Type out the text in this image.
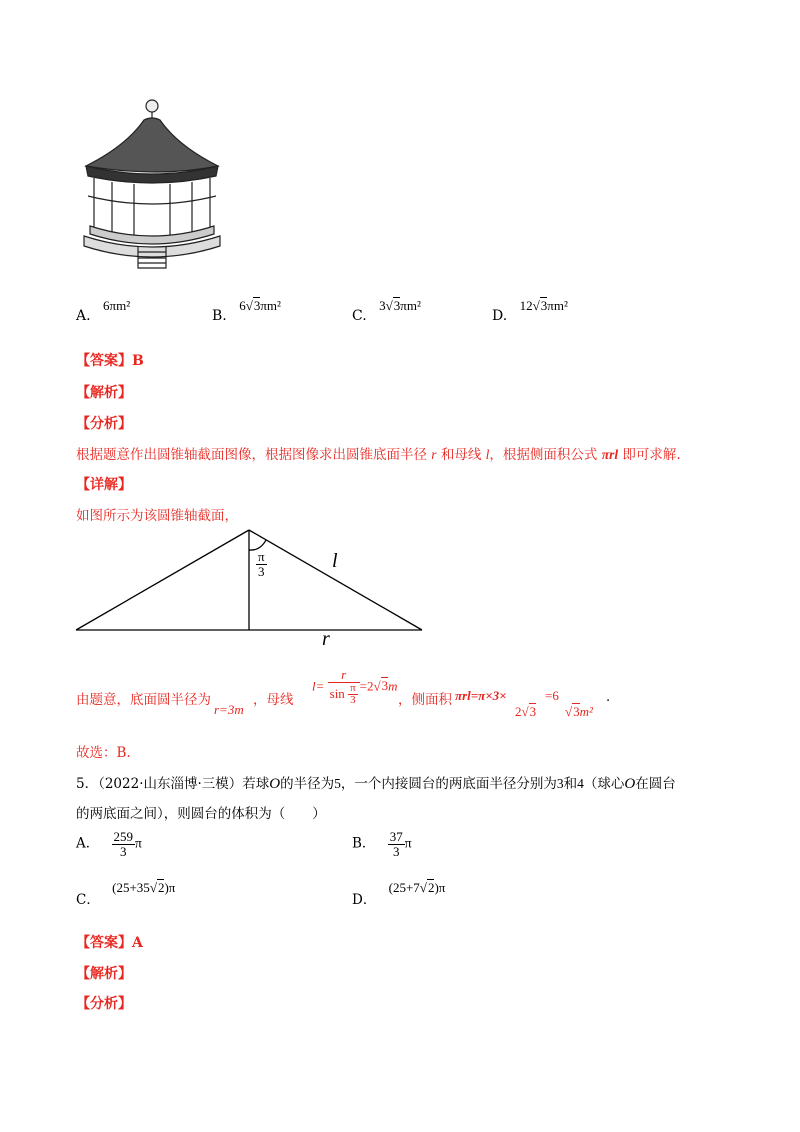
A. 6πm²
B. 6√3πm²
C. 3√3πm²
D. 12√3πm²
【答案】B
【解析】
【分析】
根据题意作出圆锥轴截面图像，根据图像求出圆锥底面半径 r 和母线 l，根据侧面积公式 πrl 即可求解.
【详解】
如图所示为该圆锥轴截面，
$\frac{\pi}{3}$	l
r
由题意，底面圆半径为
r=3m
，母线
$l= \frac{r}{\sin \frac{\pi}{3}} =2√3m$
，侧面积 πrl=π×3×
2√3
=6
√3m²
.
故选：B.
5．（2022·山东淄博·三模）若球O的半径为5，一个内接圆台的两底面半径分别为3和4（球心O在圆台
的两底面之间），则圆台的体积为（　　）
A． $\frac{259}{3}$ π	B． $\frac{37}{3}$ π
C． (25+35√2)π
D． (25+7√2)π
【答案】A
【解析】
【分析】
